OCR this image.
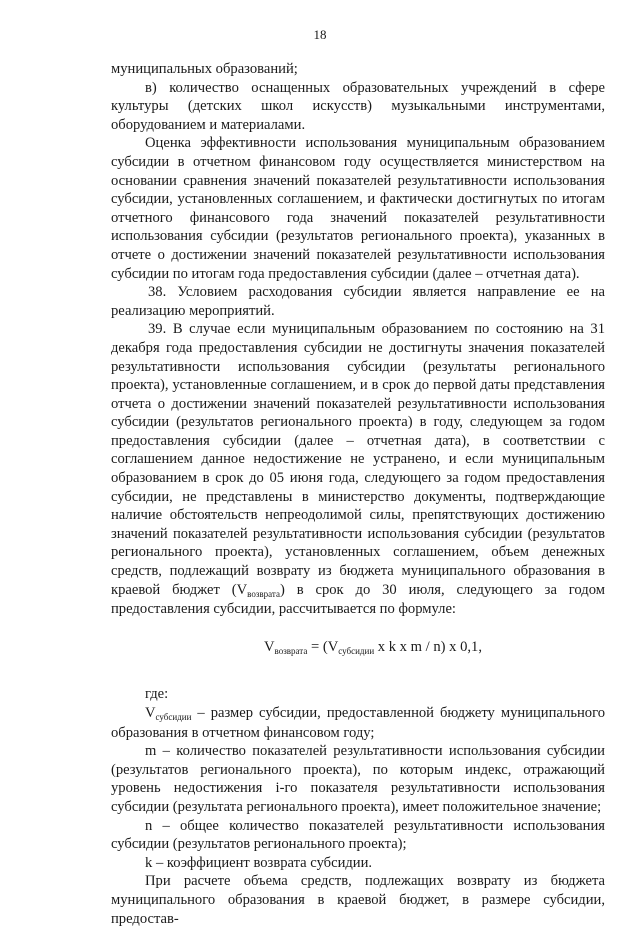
18

муниципальных образований;

в) количество оснащенных образовательных учреждений в сфере культуры (детских школ искусств) музыкальными инструментами, оборудованием и материалами.

Оценка эффективности использования муниципальным образованием субсидии в отчетном финансовом году осуществляется министерством на основании сравнения значений показателей результативности использования субсидии, установленных соглашением, и фактически достигнутых по итогам отчетного финансового года значений показателей результативности использования субсидии (результатов регионального проекта), указанных в отчете о достижении значений показателей результативности использования субсидии по итогам года предоставления субсидии (далее – отчетная дата).

38. Условием расходования субсидии является направление ее на реализацию мероприятий.

39. В случае если муниципальным образованием по состоянию на 31 декабря года предоставления субсидии не достигнуты значения показателей результативности использования субсидии (результаты регионального проекта), установленные соглашением, и в срок до первой даты представления отчета о достижении значений показателей результативности использования субсидии (результатов регионального проекта) в году, следующем за годом предоставления субсидии (далее – отчетная дата), в соответствии с соглашением данное недостижение не устранено, и если муниципальным образованием в срок до 05 июня года, следующего за годом предоставления субсидии, не представлены в министерство документы, подтверждающие наличие обстоятельств непреодолимой силы, препятствующих достижению значений показателей результативности использования субсидии (результатов регионального проекта), установленных соглашением, объем денежных средств, подлежащий возврату из бюджета муниципального образования в краевой бюджет $(V_{возврата})$ в срок до 30 июля, следующего за годом предоставления субсидии, рассчитывается по формуле:

$V_{возврата} = (V_{субсидии}$ x k x m / n) x 0,1,

где:

$V_{субсидии}$ – размер субсидии, предоставленной бюджету муниципального образования в отчетном финансовом году;

m – количество показателей результативности использования субсидии (результатов регионального проекта), по которым индекс, отражающий уровень недостижения i-го показателя результативности использования субсидии (результата регионального проекта), имеет положительное значение;

n – общее количество показателей результативности использования субсидии (результатов регионального проекта);

k – коэффициент возврата субсидии.

При расчете объема средств, подлежащих возврату из бюджета муниципального образования в краевой бюджет, в размере субсидии, предостав-
